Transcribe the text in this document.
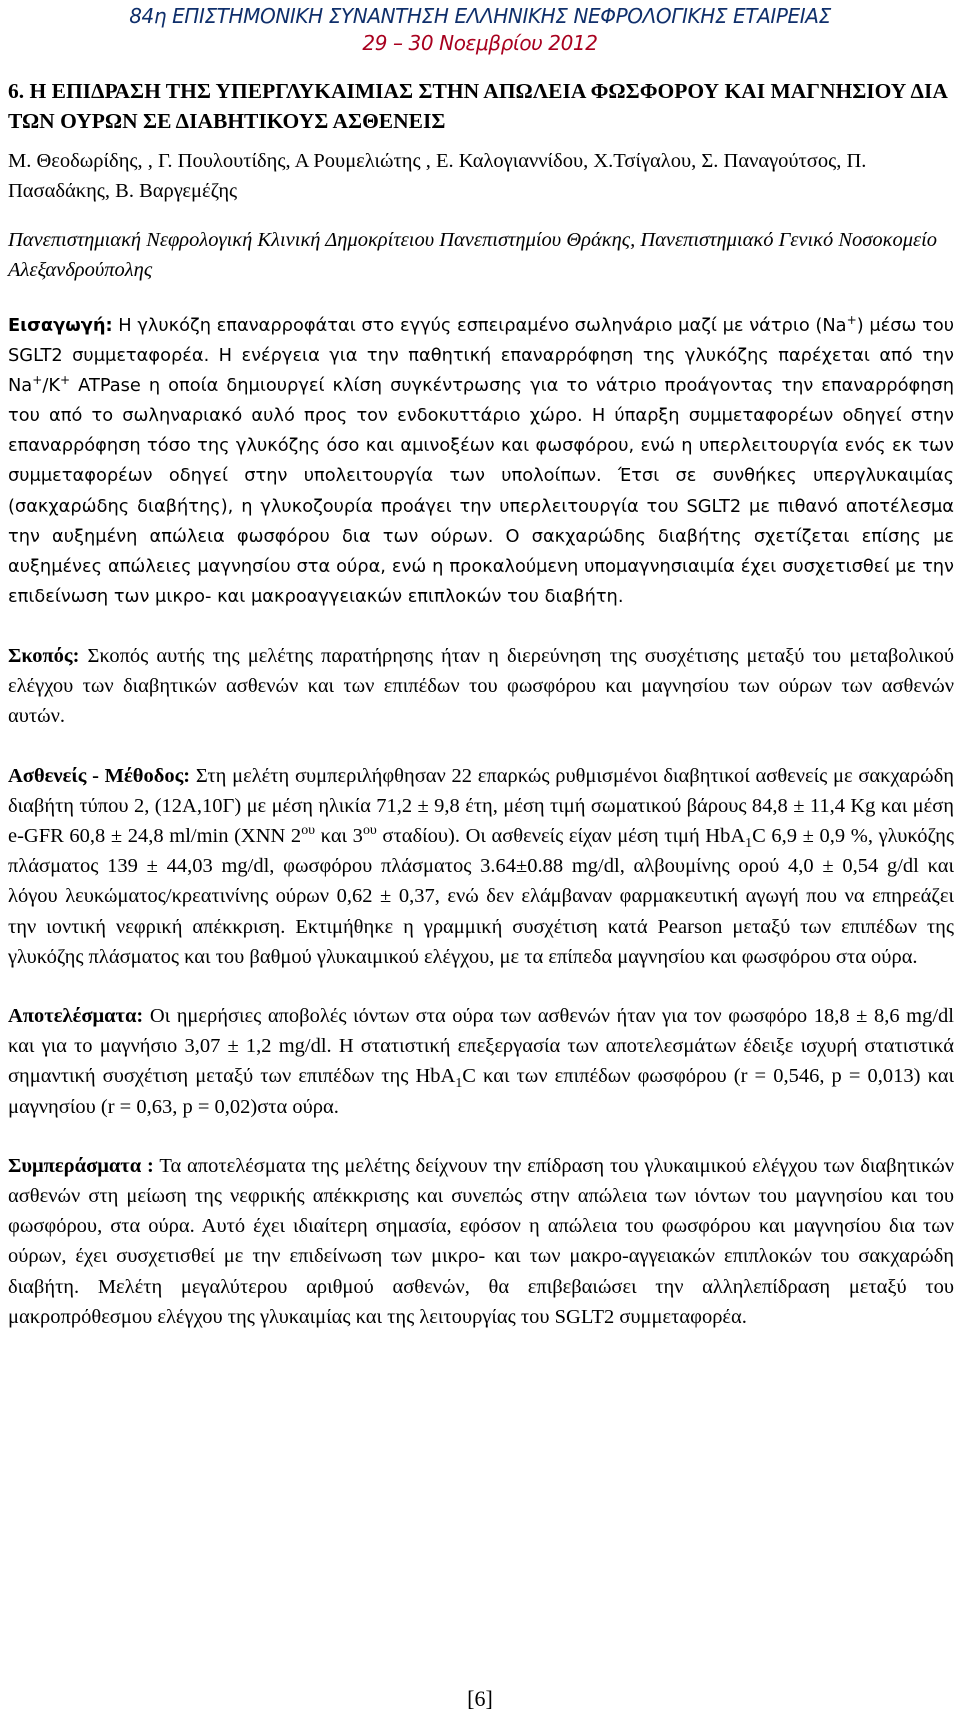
84η ΕΠΙΣΤΗΜΟΝΙΚΗ ΣΥΝΑΝΤΗΣΗ ΕΛΛΗΝΙΚΗΣ ΝΕΦΡΟΛΟΓΙΚΗΣ ΕΤΑΙΡΕΙΑΣ
29 – 30 Νοεμβρίου 2012

6. Η ΕΠΙΔΡΑΣΗ ΤΗΣ ΥΠΕΡΓΛΥΚΑΙΜΙΑΣ ΣΤΗΝ ΑΠΩΛΕΙΑ ΦΩΣΦΟΡΟΥ ΚΑΙ ΜΑΓΝΗΣΙΟΥ ΔΙΑ ΤΩΝ ΟΥΡΩΝ ΣΕ ΔΙΑΒΗΤΙΚΟΥΣ ΑΣΘΕΝΕΙΣ

Μ. Θεοδωρίδης, , Γ. Πουλουτίδης, Α Ρουμελιώτης , Ε. Καλογιαννίδου, Χ.Τσίγαλου, Σ. Παναγούτσος, Π. Πασαδάκης, Β. Βαργεμέζης

Πανεπιστημιακή Νεφρολογική Κλινική Δημοκρίτειου Πανεπιστημίου Θράκης, Πανεπιστημιακό Γενικό Νοσοκομείο Αλεξανδρούπολης

Εισαγωγή: Η γλυκόζη επαναρροφάται στο εγγύς εσπειραμένο σωληνάριο μαζί με νάτριο (Na+) μέσω του SGLT2 συμμεταφορέα. Η ενέργεια για την παθητική επαναρρόφηση της γλυκόζης παρέχεται από την Na+/K+ ATPase η οποία δημιουργεί κλίση συγκέντρωσης για το νάτριο προάγοντας την επαναρρόφηση του από το σωληναριακό αυλό προς τον ενδοκυττάριο χώρο. Η ύπαρξη συμμεταφορέων οδηγεί στην επαναρρόφηση τόσο της γλυκόζης όσο και αμινοξέων και φωσφόρου, ενώ η υπερλειτουργία ενός εκ των συμμεταφορέων οδηγεί στην υπολειτουργία των υπολοίπων. Έτσι σε συνθήκες υπεργλυκαιμίας (σακχαρώδης διαβήτης), η γλυκοζουρία προάγει την υπερλειτουργία του SGLT2 με πιθανό αποτέλεσμα την αυξημένη απώλεια φωσφόρου δια των ούρων. Ο σακχαρώδης διαβήτης σχετίζεται επίσης με αυξημένες απώλειες μαγνησίου στα ούρα, ενώ η προκαλούμενη υπομαγνησιαιμία έχει συσχετισθεί με την επιδείνωση των μικρο- και μακροαγγειακών επιπλοκών του διαβήτη.

Σκοπός: Σκοπός αυτής της μελέτης παρατήρησης ήταν η διερεύνηση της συσχέτισης μεταξύ του μεταβολικού ελέγχου των διαβητικών ασθενών και των επιπέδων του φωσφόρου και μαγνησίου των ούρων των ασθενών αυτών.

Ασθενείς - Μέθοδος: Στη μελέτη συμπεριλήφθησαν 22 επαρκώς ρυθμισμένοι διαβητικοί ασθενείς με σακχαρώδη διαβήτη τύπου 2, (12Α,10Γ) με μέση ηλικία 71,2 ± 9,8 έτη, μέση τιμή σωματικού βάρους 84,8 ± 11,4 Kg και μέση e-GFR 60,8 ± 24,8 ml/min (ΧΝΝ $2^{o\upsilon}$ και $3^{o\upsilon}$ σταδίου). Οι ασθενείς είχαν μέση τιμή HbA$_1$C 6,9 ± 0,9 %, γλυκόζης πλάσματος 139 ± 44,03 mg/dl, φωσφόρου πλάσματος 3.64±0.88 mg/dl, αλβουμίνης ορού 4,0 ± 0,54 g/dl και λόγου λευκώματος/κρεατινίνης ούρων 0,62 ± 0,37, ενώ δεν ελάμβαναν φαρμακευτική αγωγή που να επηρεάζει την ιοντική νεφρική απέκκριση. Εκτιμήθηκε η γραμμική συσχέτιση κατά Pearson μεταξύ των επιπέδων της γλυκόζης πλάσματος και του βαθμού γλυκαιμικού ελέγχου, με τα επίπεδα μαγνησίου και φωσφόρου στα ούρα.

Αποτελέσματα: Οι ημερήσιες αποβολές ιόντων στα ούρα των ασθενών ήταν για τον φωσφόρο 18,8 ± 8,6 mg/dl και για το μαγνήσιο 3,07 ± 1,2 mg/dl. Η στατιστική επεξεργασία των αποτελεσμάτων έδειξε ισχυρή στατιστικά σημαντική συσχέτιση μεταξύ των επιπέδων της HbA$_1$C και των επιπέδων φωσφόρου (r = 0,546, p = 0,013) και μαγνησίου (r = 0,63, p = 0,02)στα ούρα.

Συμπεράσματα : Τα αποτελέσματα της μελέτης δείχνουν την επίδραση του γλυκαιμικού ελέγχου των διαβητικών ασθενών στη μείωση της νεφρικής απέκκρισης και συνεπώς στην απώλεια των ιόντων του μαγνησίου και του φωσφόρου, στα ούρα. Αυτό έχει ιδιαίτερη σημασία, εφόσον η απώλεια του φωσφόρου και μαγνησίου δια των ούρων, έχει συσχετισθεί με την επιδείνωση των μικρο- και των μακρο-αγγειακών επιπλοκών του σακχαρώδη διαβήτη. Μελέτη μεγαλύτερου αριθμού ασθενών, θα επιβεβαιώσει την αλληλεπίδραση μεταξύ του μακροπρόθεσμου ελέγχου της γλυκαιμίας και της λειτουργίας του SGLT2 συμμεταφορέα.

[6]
